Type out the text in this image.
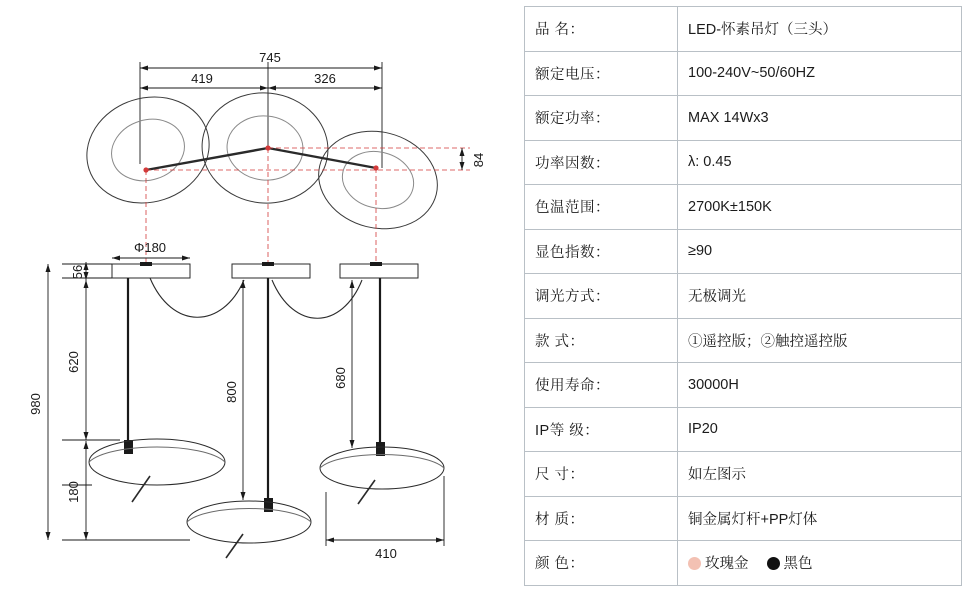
745
419	326
84
Φ180
56
620
180
980
800
680
410
品 名：	LED-怀素吊灯（三头）
额定电压：	100-240V~50/60HZ
额定功率：	MAX 14Wx3
功率因数：	λ: 0.45
色温范围：	2700K±150K
显色指数：	≥90
调光方式：	无极调光
款 式：	①遥控版；②触控遥控版
使用寿命：	30000H
IP等 级：	IP20
尺 寸：	如左图示
材 质：	铜金属灯杆+PP灯体
颜 色：	玫瑰金 黑色
